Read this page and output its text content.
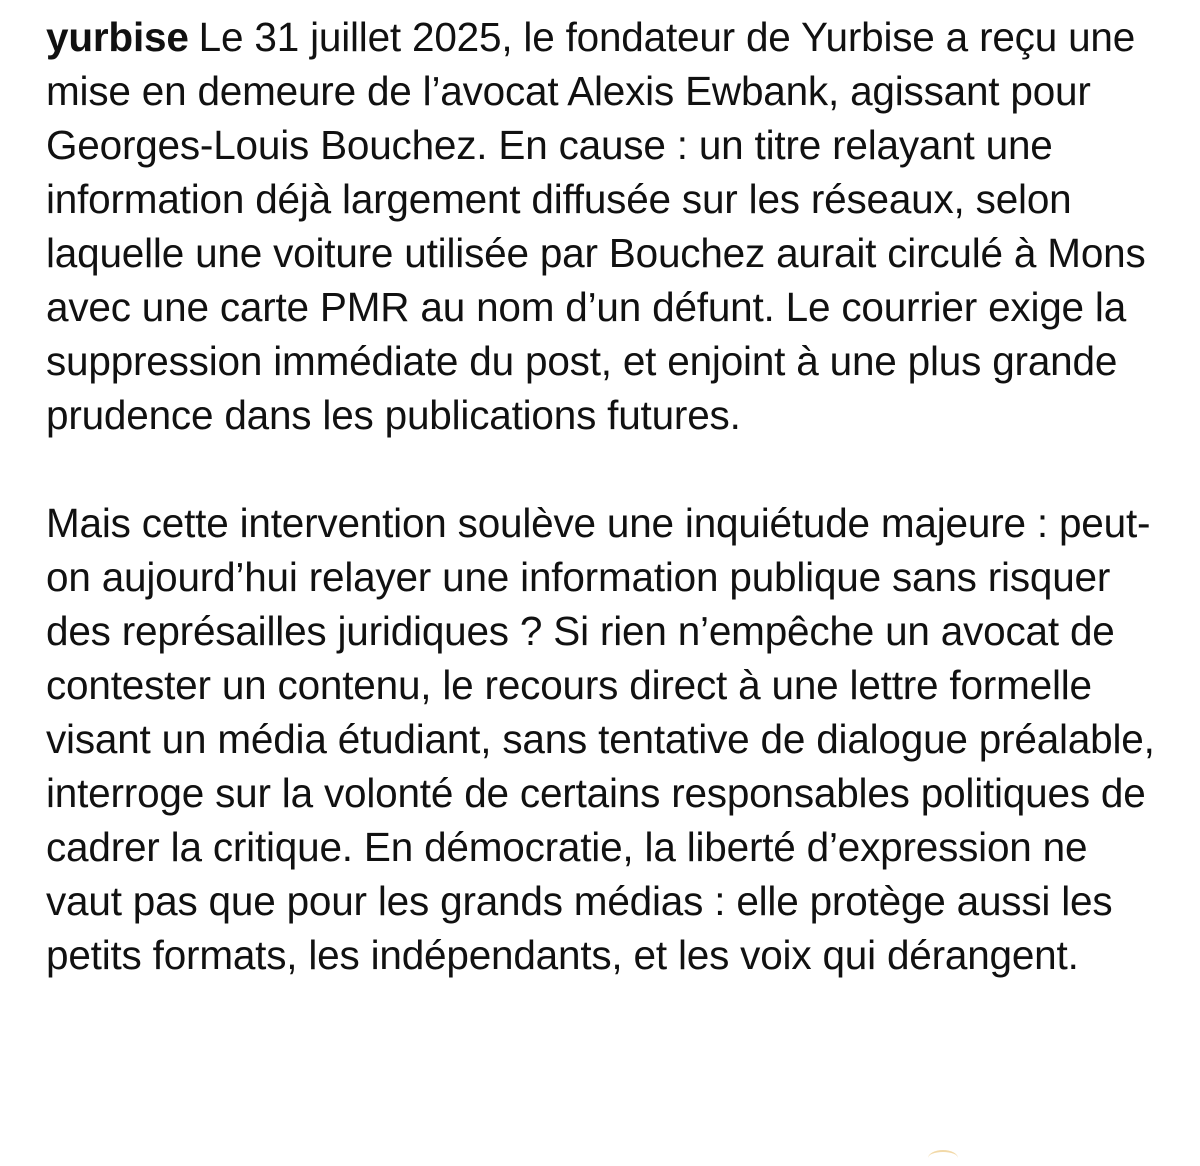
yurbise Le 31 juillet 2025, le fondateur de Yurbise a reçu une mise en demeure de l’avocat Alexis Ewbank, agissant pour Georges-Louis Bouchez. En cause : un titre relayant une information déjà largement diffusée sur les réseaux, selon laquelle une voiture utilisée par Bouchez aurait circulé à Mons avec une carte PMR au nom d’un défunt. Le courrier exige la suppression immédiate du post, et enjoint à une plus grande prudence dans les publications futures.

Mais cette intervention soulève une inquiétude majeure : peut-on aujourd’hui relayer une information publique sans risquer des représailles juridiques ? Si rien n’empêche un avocat de contester un contenu, le recours direct à une lettre formelle visant un média étudiant, sans tentative de dialogue préalable, interroge sur la volonté de certains responsables politiques de cadrer la critique. En démocratie, la liberté d’expression ne vaut pas que pour les grands médias : elle protège aussi les petits formats, les indépendants, et les voix qui dérangent.
